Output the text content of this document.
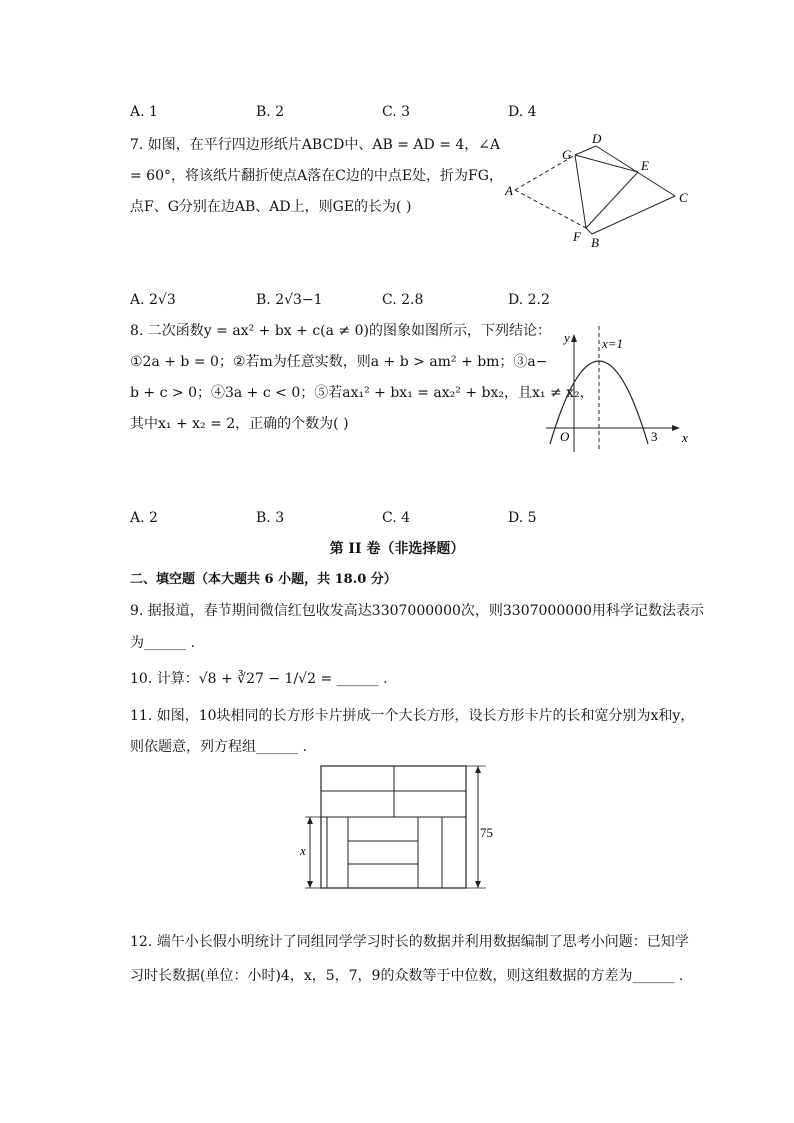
A. 1	B. 2	C. 3	D. 4
7. 如图，在平行四边形纸片ABCD中、AB = AD = 4，∠A
= 60°，将该纸片翻折使点A落在C边的中点E处，折为FG，
点F、G分别在边AB、AD上，则GE的长为( )
A
D
G
E
C
F B
A. 2√3	B. 2√3−1	C. 2.8	D. 2.2
8. 二次函数y = ax² + bx + c(a ≠ 0)的图象如图所示，下列结论：
①2a + b = 0；②若m为任意实数，则a + b > am² + bm；③a−
b + c > 0；④3a + c < 0；⑤若ax₁² + bx₁ = ax₂² + bx₂，且x₁ ≠ x₂，
其中x₁ + x₂ = 2，正确的个数为( )
y x=1
O	3 x
A. 2	B. 3	C. 4	D. 5
第 II 卷（非选择题）
二、填空题（本大题共 6 小题，共 18.0 分）
9. 据报道，春节期间微信红包收发高达3307000000次，则3307000000用科学记数法表示
为______ .
10. 计算：√8 + ∛27 − 1/√2 = ______ .
11. 如图，10块相同的长方形卡片拼成一个大长方形，设长方形卡片的长和宽分别为x和y，
则依题意，列方程组______ .
x
75
12. 端午小长假小明统计了同组同学学习时长的数据并利用数据编制了思考小问题：已知学
习时长数据(单位：小时)4，x，5，7，9的众数等于中位数，则这组数据的方差为______ .
